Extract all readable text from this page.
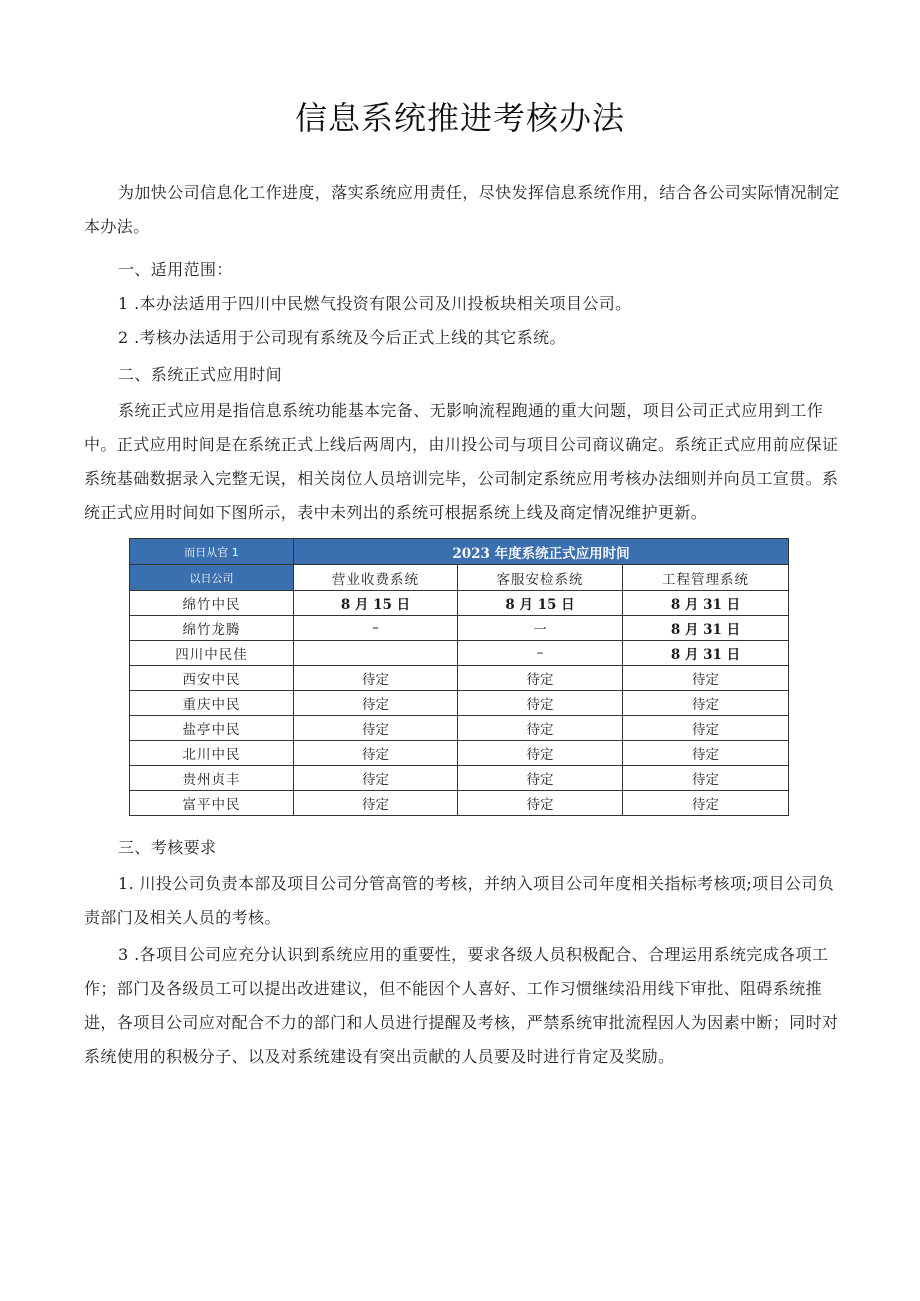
信息系统推进考核办法
为加快公司信息化工作进度，落实系统应用责任，尽快发挥信息系统作用，结合各公司实际情况制定本办法。
一、适用范围：
1 .本办法适用于四川中民燃气投资有限公司及川投板块相关项目公司。
2 .考核办法适用于公司现有系统及今后正式上线的其它系统。
二、系统正式应用时间
系统正式应用是指信息系统功能基本完备、无影响流程跑通的重大问题，项目公司正式应用到工作中。正式应用时间是在系统正式上线后两周内，由川投公司与项目公司商议确定。系统正式应用前应保证系统基础数据录入完整无误，相关岗位人员培训完毕，公司制定系统应用考核办法细则并向员工宣贯。系统正式应用时间如下图所示，表中未列出的系统可根据系统上线及商定情况维护更新。
而日从官 1	2023 年度系统正式应用时间		
以日公司	营业收费系统	客服安检系统	工程管理系统
绵竹中民	8 月 15 日	8 月 15 日	8 月 31 日
绵竹龙腾	–	一	8 月 31 日
四川中民佳		–	8 月 31 日
西安中民	待定	待定	待定
重庆中民	待定	待定	待定
盐亭中民	待定	待定	待定
北川中民	待定	待定	待定
贵州贞丰	待定	待定	待定
富平中民	待定	待定	待定
三、考核要求
1. 川投公司负责本部及项目公司分管高管的考核，并纳入项目公司年度相关指标考核项;项目公司负责部门及相关人员的考核。
3 .各项目公司应充分认识到系统应用的重要性，要求各级人员积极配合、合理运用系统完成各项工作；部门及各级员工可以提出改进建议，但不能因个人喜好、工作习惯继续沿用线下审批、阻碍系统推进，各项目公司应对配合不力的部门和人员进行提醒及考核，严禁系统审批流程因人为因素中断；同时对系统使用的积极分子、以及对系统建设有突出贡献的人员要及时进行肯定及奖励。
